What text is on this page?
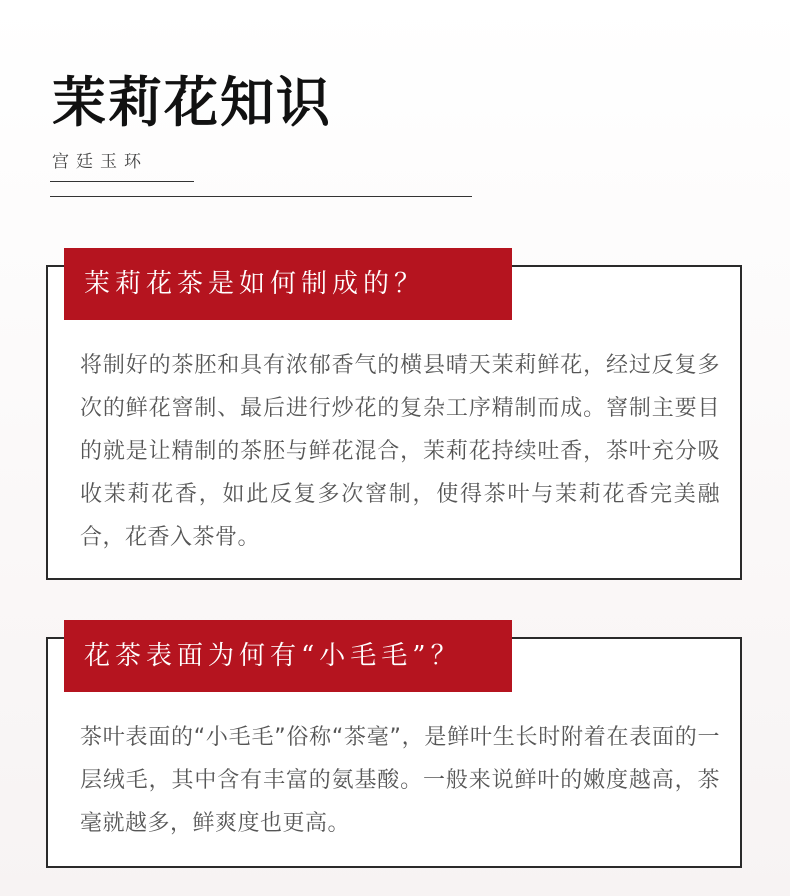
茉莉花知识
宫廷玉环
茉莉花茶是如何制成的？
将制好的茶胚和具有浓郁香气的横县晴天茉莉鲜花，经过反复多次的鲜花窨制、最后进行炒花的复杂工序精制而成。窨制主要目的就是让精制的茶胚与鲜花混合，茉莉花持续吐香，茶叶充分吸收茉莉花香，如此反复多次窨制，使得茶叶与茉莉花香完美融合，花香入茶骨。
花茶表面为何有“小毛毛”？
茶叶表面的“小毛毛”俗称“茶毫”，是鲜叶生长时附着在表面的一层绒毛，其中含有丰富的氨基酸。一般来说鲜叶的嫩度越高，茶毫就越多，鲜爽度也更高。
